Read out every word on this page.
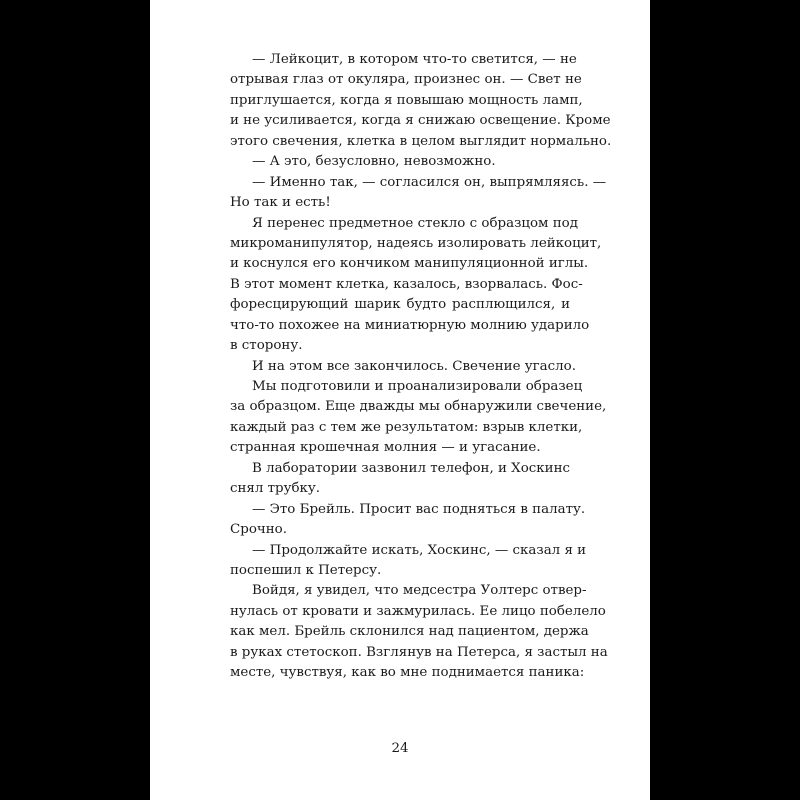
— Лейкоцит, в котором что-то светится, — не
отрывая глаз от окуляра, произнес он. — Свет не
приглушается, когда я повышаю мощность ламп,
и не усиливается, когда я снижаю освещение. Кроме
этого свечения, клетка в целом выглядит нормально.
— А это, безусловно, невозможно.
— Именно так, — согласился он, выпрямляясь. —
Но так и есть!
Я перенес предметное стекло с образцом под
микроманипулятор, надеясь изолировать лейкоцит,
и коснулся его кончиком манипуляционной иглы.
В этот момент клетка, казалось, взорвалась. Фос-
форесцирующий шарик будто расплющился, и
что-то похожее на миниатюрную молнию ударило
в сторону.
И на этом все закончилось. Свечение угасло.
Мы подготовили и проанализировали образец
за образцом. Еще дважды мы обнаружили свечение,
каждый раз с тем же результатом: взрыв клетки,
странная крошечная молния — и угасание.
В лаборатории зазвонил телефон, и Хоскинс
снял трубку.
— Это Брейль. Просит вас подняться в палату.
Срочно.
— Продолжайте искать, Хоскинс, — сказал я и
поспешил к Петерсу.
Войдя, я увидел, что медсестра Уолтерс отвер-
нулась от кровати и зажмурилась. Ее лицо побелело
как мел. Брейль склонился над пациентом, держа
в руках стетоскоп. Взглянув на Петерса, я застыл на
месте, чувствуя, как во мне поднимается паника:
24
